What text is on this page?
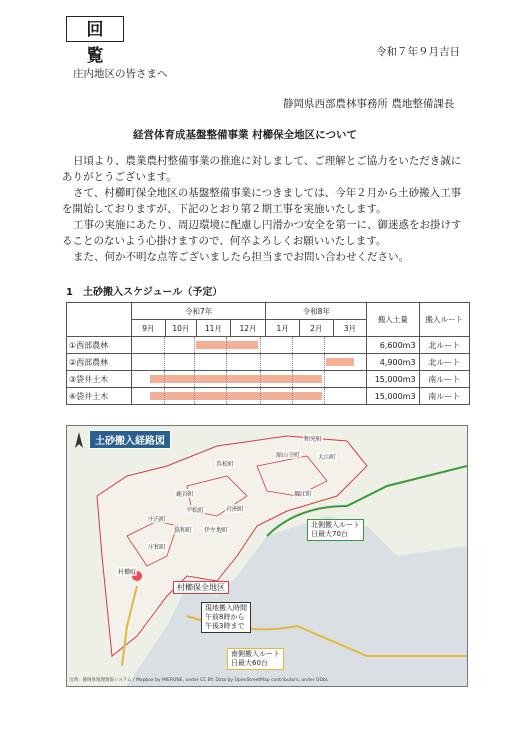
回 覧	令和７年９月吉日
庄内地区の皆さまへ
静岡県西部農林事務所 農地整備課長
経営体育成基盤整備事業 村櫛保全地区について
日頃より、農業農村整備事業の推進に対しまして、ご理解とご協力をいただき誠に
ありがとうございます。
さて、村櫛町保全地区の基盤整備事業につきましては、今年２月から土砂搬入工事
を開始しておりますが、下記のとおり第２期工事を実施いたします。
工事の実施にあたり、周辺環境に配慮し円滑かつ安全を第一に、御迷惑をお掛けす
ることのないよう心掛けますので、何卒よろしくお願いいたします。
また、何か不明な点等ございましたら担当までお問い合わせください。
1　土砂搬入スケジュール（予定）
	令和7年				令和8年			搬入土量	搬入ルート
	9月	10月	11月	12月	1月	2月	3月		
①西部農林								6,600m3	北ルート
②西部農林								4,900m3	北ルート
③袋井土木								15,000m3	南ルート
④袋井土木								15,000m3	南ルート
土砂搬入経路図	和光町
大山町
舘山寺町
呉松町
堀江町
白洲町
平松町
鹿谷町
協和町 伊左地町
庄和町
庄内町
村櫛町
村櫛保全地区
北側搬入ルート
日最大70台
現地搬入時間
午前8時から
午後3時まで
南側搬入ルート
日最大60台
出典：静岡県地理情報システム / Mapbox by MIERUNE, under CC BY. Data by OpenStreetMap contributors, under ODbL
